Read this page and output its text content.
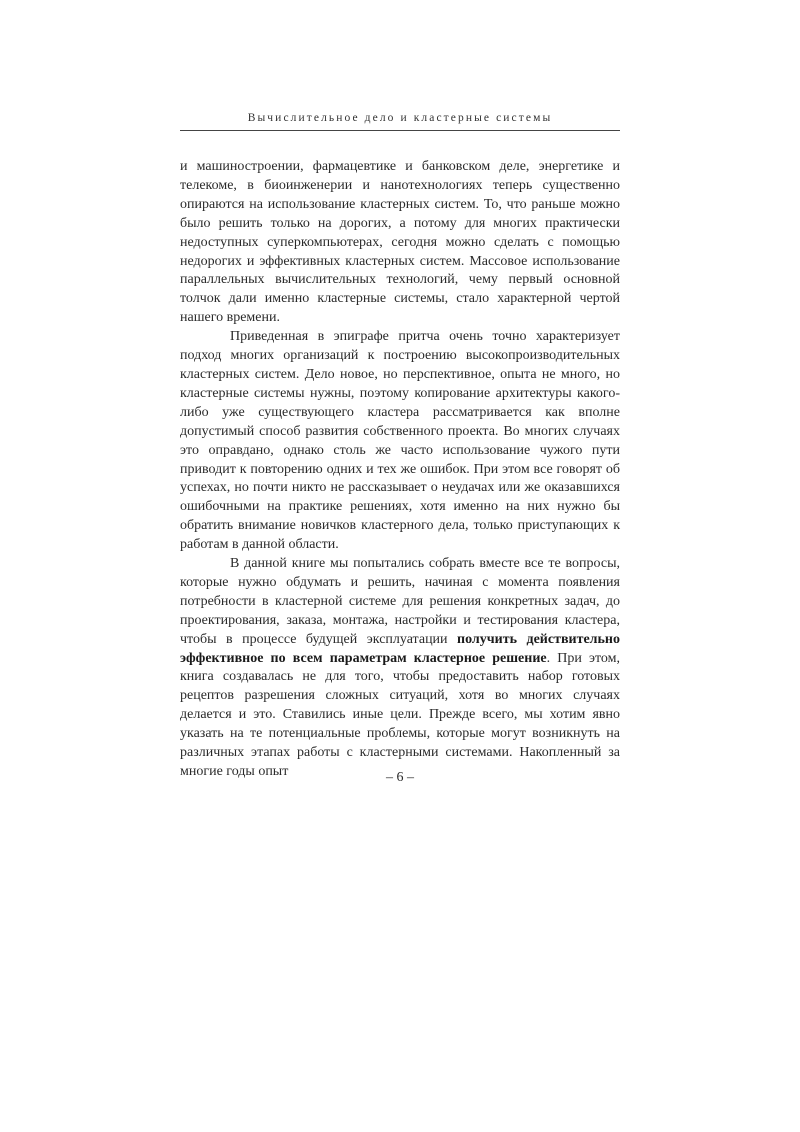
Вычислительное дело и кластерные системы

и машиностроении, фармацевтике и банковском деле, энергетике и телекоме, в биоинженерии и нанотехнологиях теперь существенно опираются на использование кластерных систем. То, что раньше можно было решить только на дорогих, а потому для многих практически недоступных суперкомпьютерах, сегодня можно сделать с помощью недорогих и эффективных кластерных систем. Массовое использование параллельных вычислительных технологий, чему первый основной толчок дали именно кластерные системы, стало характерной чертой нашего времени.

Приведенная в эпиграфе притча очень точно характеризует подход многих организаций к построению высокопроизводительных кластерных систем. Дело новое, но перспективное, опыта не много, но кластерные системы нужны, поэтому копирование архитектуры какого-либо уже существующего кластера рассматривается как вполне допустимый способ развития собственного проекта. Во многих случаях это оправдано, однако столь же часто использование чужого пути приводит к повторению одних и тех же ошибок. При этом все говорят об успехах, но почти никто не рассказывает о неудачах или же оказавшихся ошибочными на практике решениях, хотя именно на них нужно бы обратить внимание новичков кластерного дела, только приступающих к работам в данной области.

В данной книге мы попытались собрать вместе все те вопросы, которые нужно обдумать и решить, начиная с момента появления потребности в кластерной системе для решения конкретных задач, до проектирования, заказа, монтажа, настройки и тестирования кластера, чтобы в процессе будущей эксплуатации получить действительно эффективное по всем параметрам кластерное решение. При этом, книга создавалась не для того, чтобы предоставить набор готовых рецептов разрешения сложных ситуаций, хотя во многих случаях делается и это. Ставились иные цели. Прежде всего, мы хотим явно указать на те потенциальные проблемы, которые могут возникнуть на различных этапах работы с кластерными системами. Накопленный за многие годы опыт	– 6 –
